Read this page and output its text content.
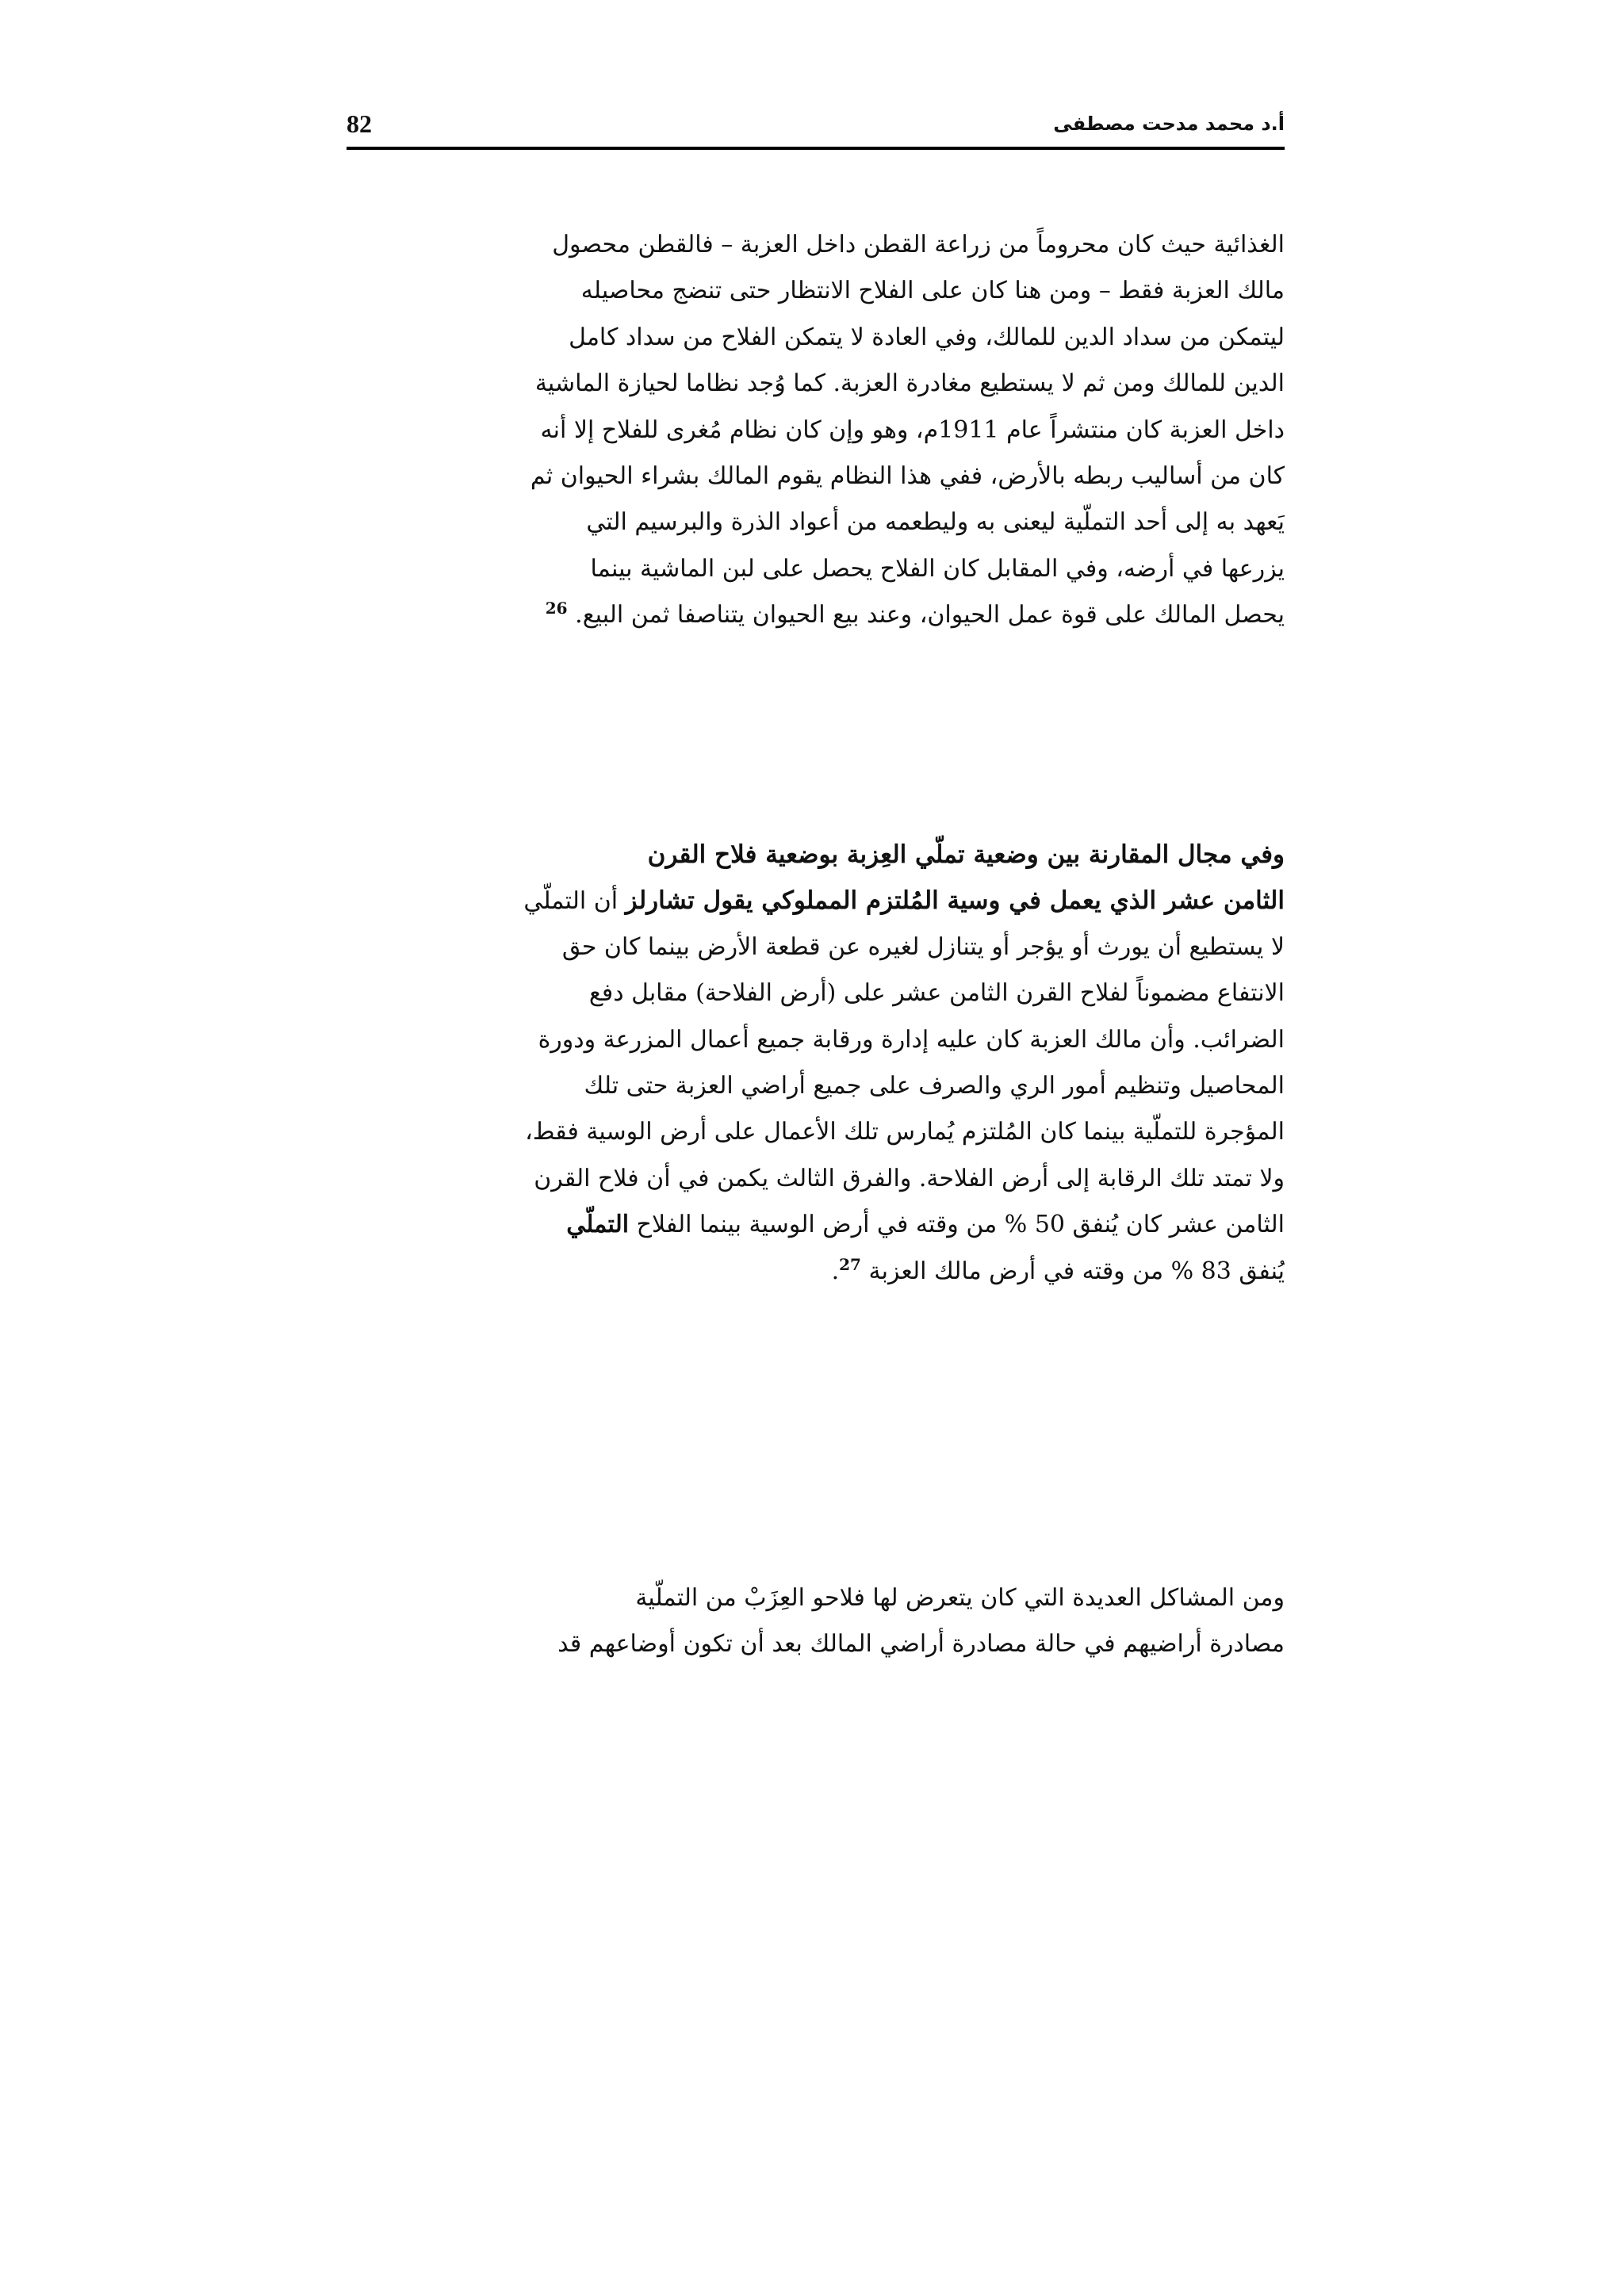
82	أ.د محمد مدحت مصطفى
الغذائية حيث كان محروماً من زراعة القطن داخل العزبة – فالقطن محصول
مالك العزبة فقط – ومن هنا كان على الفلاح الانتظار حتى تنضج محاصيله
ليتمكن من سداد الدين للمالك، وفي العادة لا يتمكن الفلاح من سداد كامل
الدين للمالك ومن ثم لا يستطيع مغادرة العزبة. كما وُجد نظاما لحيازة الماشية
داخل العزبة كان منتشراً عام 1911م، وهو وإن كان نظام مُغرى للفلاح إلا أنه
كان من أساليب ربطه بالأرض، ففي هذا النظام يقوم المالك بشراء الحيوان ثم
يَعهد به إلى أحد التملّية ليعنى به وليطعمه من أعواد الذرة والبرسيم التي
يزرعها في أرضه، وفي المقابل كان الفلاح يحصل على لبن الماشية بينما
يحصل المالك على قوة عمل الحيوان، وعند بيع الحيوان يتناصفا ثمن البيع. $^{26}$
وفي مجال المقارنة بين وضعية تملّي العِزبة بوضعية فلاح القرن
الثامن عشر الذي يعمل في وسية المُلتزم المملوكي يقول تشارلز أن التملّي
لا يستطيع أن يورث أو يؤجر أو يتنازل لغيره عن قطعة الأرض بينما كان حق
الانتفاع مضموناً لفلاح القرن الثامن عشر على (أرض الفلاحة) مقابل دفع
الضرائب. وأن مالك العزبة كان عليه إدارة ورقابة جميع أعمال المزرعة ودورة
المحاصيل وتنظيم أمور الري والصرف على جميع أراضي العزبة حتى تلك
المؤجرة للتملّية بينما كان المُلتزم يُمارس تلك الأعمال على أرض الوسية فقط،
ولا تمتد تلك الرقابة إلى أرض الفلاحة. والفرق الثالث يكمن في أن فلاح القرن
الثامن عشر كان يُنفق 50 % من وقته في أرض الوسية بينما الفلاح التملّي
يُنفق 83 % من وقته في أرض مالك العزبة $^{27}$.
ومن المشاكل العديدة التي كان يتعرض لها فلاحو العِزَبْ من التملّية
مصادرة أراضيهم في حالة مصادرة أراضي المالك بعد أن تكون أوضاعهم قد
